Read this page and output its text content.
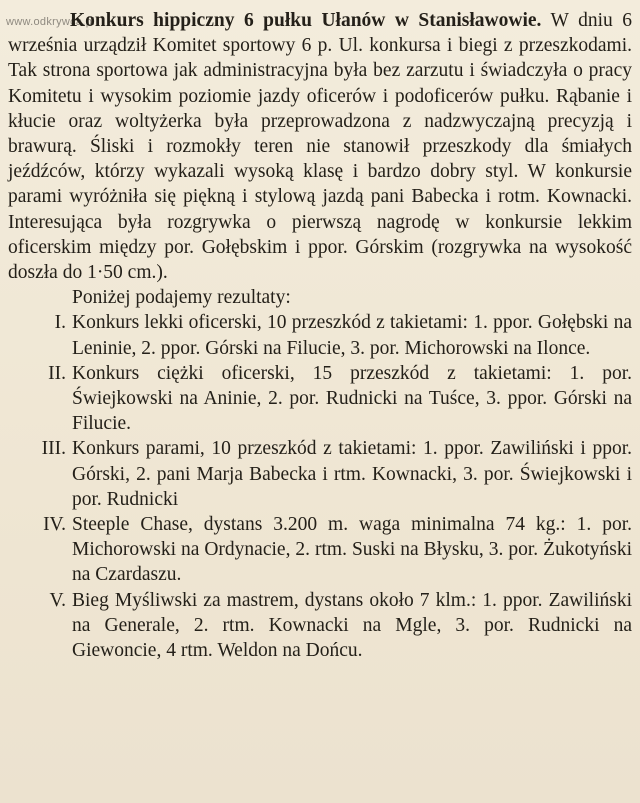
www.odkrywca.pl

Konkurs hippiczny 6 pułku Ułanów w Stanisławowie. W dniu 6 września urządził Komitet sportowy 6 p. Ul. konkursa i biegi z przeszkodami. Tak strona sportowa jak administracyjna była bez zarzutu i świadczyła o pracy Komitetu i wysokim poziomie jazdy oficerów i podoficerów pułku. Rąbanie i kłucie oraz woltyżerka była przeprowadzona z nadzwyczajną precyzją i brawurą. Śliski i rozmokły teren nie stanowił przeszkody dla śmiałych jeźdźców, którzy wykazali wysoką klasę i bardzo dobry styl. W konkursie parami wyróżniła się piękną i stylową jazdą pani Babecka i rotm. Kownacki. Interesująca była rozgrywka o pierwszą nagrodę w konkursie lekkim oficerskim między por. Gołębskim i ppor. Górskim (rozgrywka na wysokość doszła do 1·50 cm.).

Poniżej podajemy rezultaty:

I. Konkurs lekki oficerski, 10 przeszkód z takietami: 1. ppor. Gołębski na Leninie, 2. ppor. Górski na Filucie, 3. por. Michorowski na Ilonce.
II. Konkurs ciężki oficerski, 15 przeszkód z takietami: 1. por. Świejkowski na Aninie, 2. por. Rudnicki na Tuśce, 3. ppor. Górski na Filucie.
III. Konkurs parami, 10 przeszkód z takietami: 1. ppor. Zawiliński i ppor. Górski, 2. pani Marja Babecka i rtm. Kownacki, 3. por. Świejkowski i por. Rudnicki
IV. Steeple Chase, dystans 3.200 m. waga minimalna 74 kg.: 1. por. Michorowski na Ordynacie, 2. rtm. Suski na Błysku, 3. por. Żukotyński na Czardaszu.
V. Bieg Myśliwski za mastrem, dystans około 7 klm.: 1. ppor. Zawiliński na Generale, 2. rtm. Kownacki na Mgle, 3. por. Rudnicki na Giewoncie, 4 rtm. Weldon na Dońcu.
